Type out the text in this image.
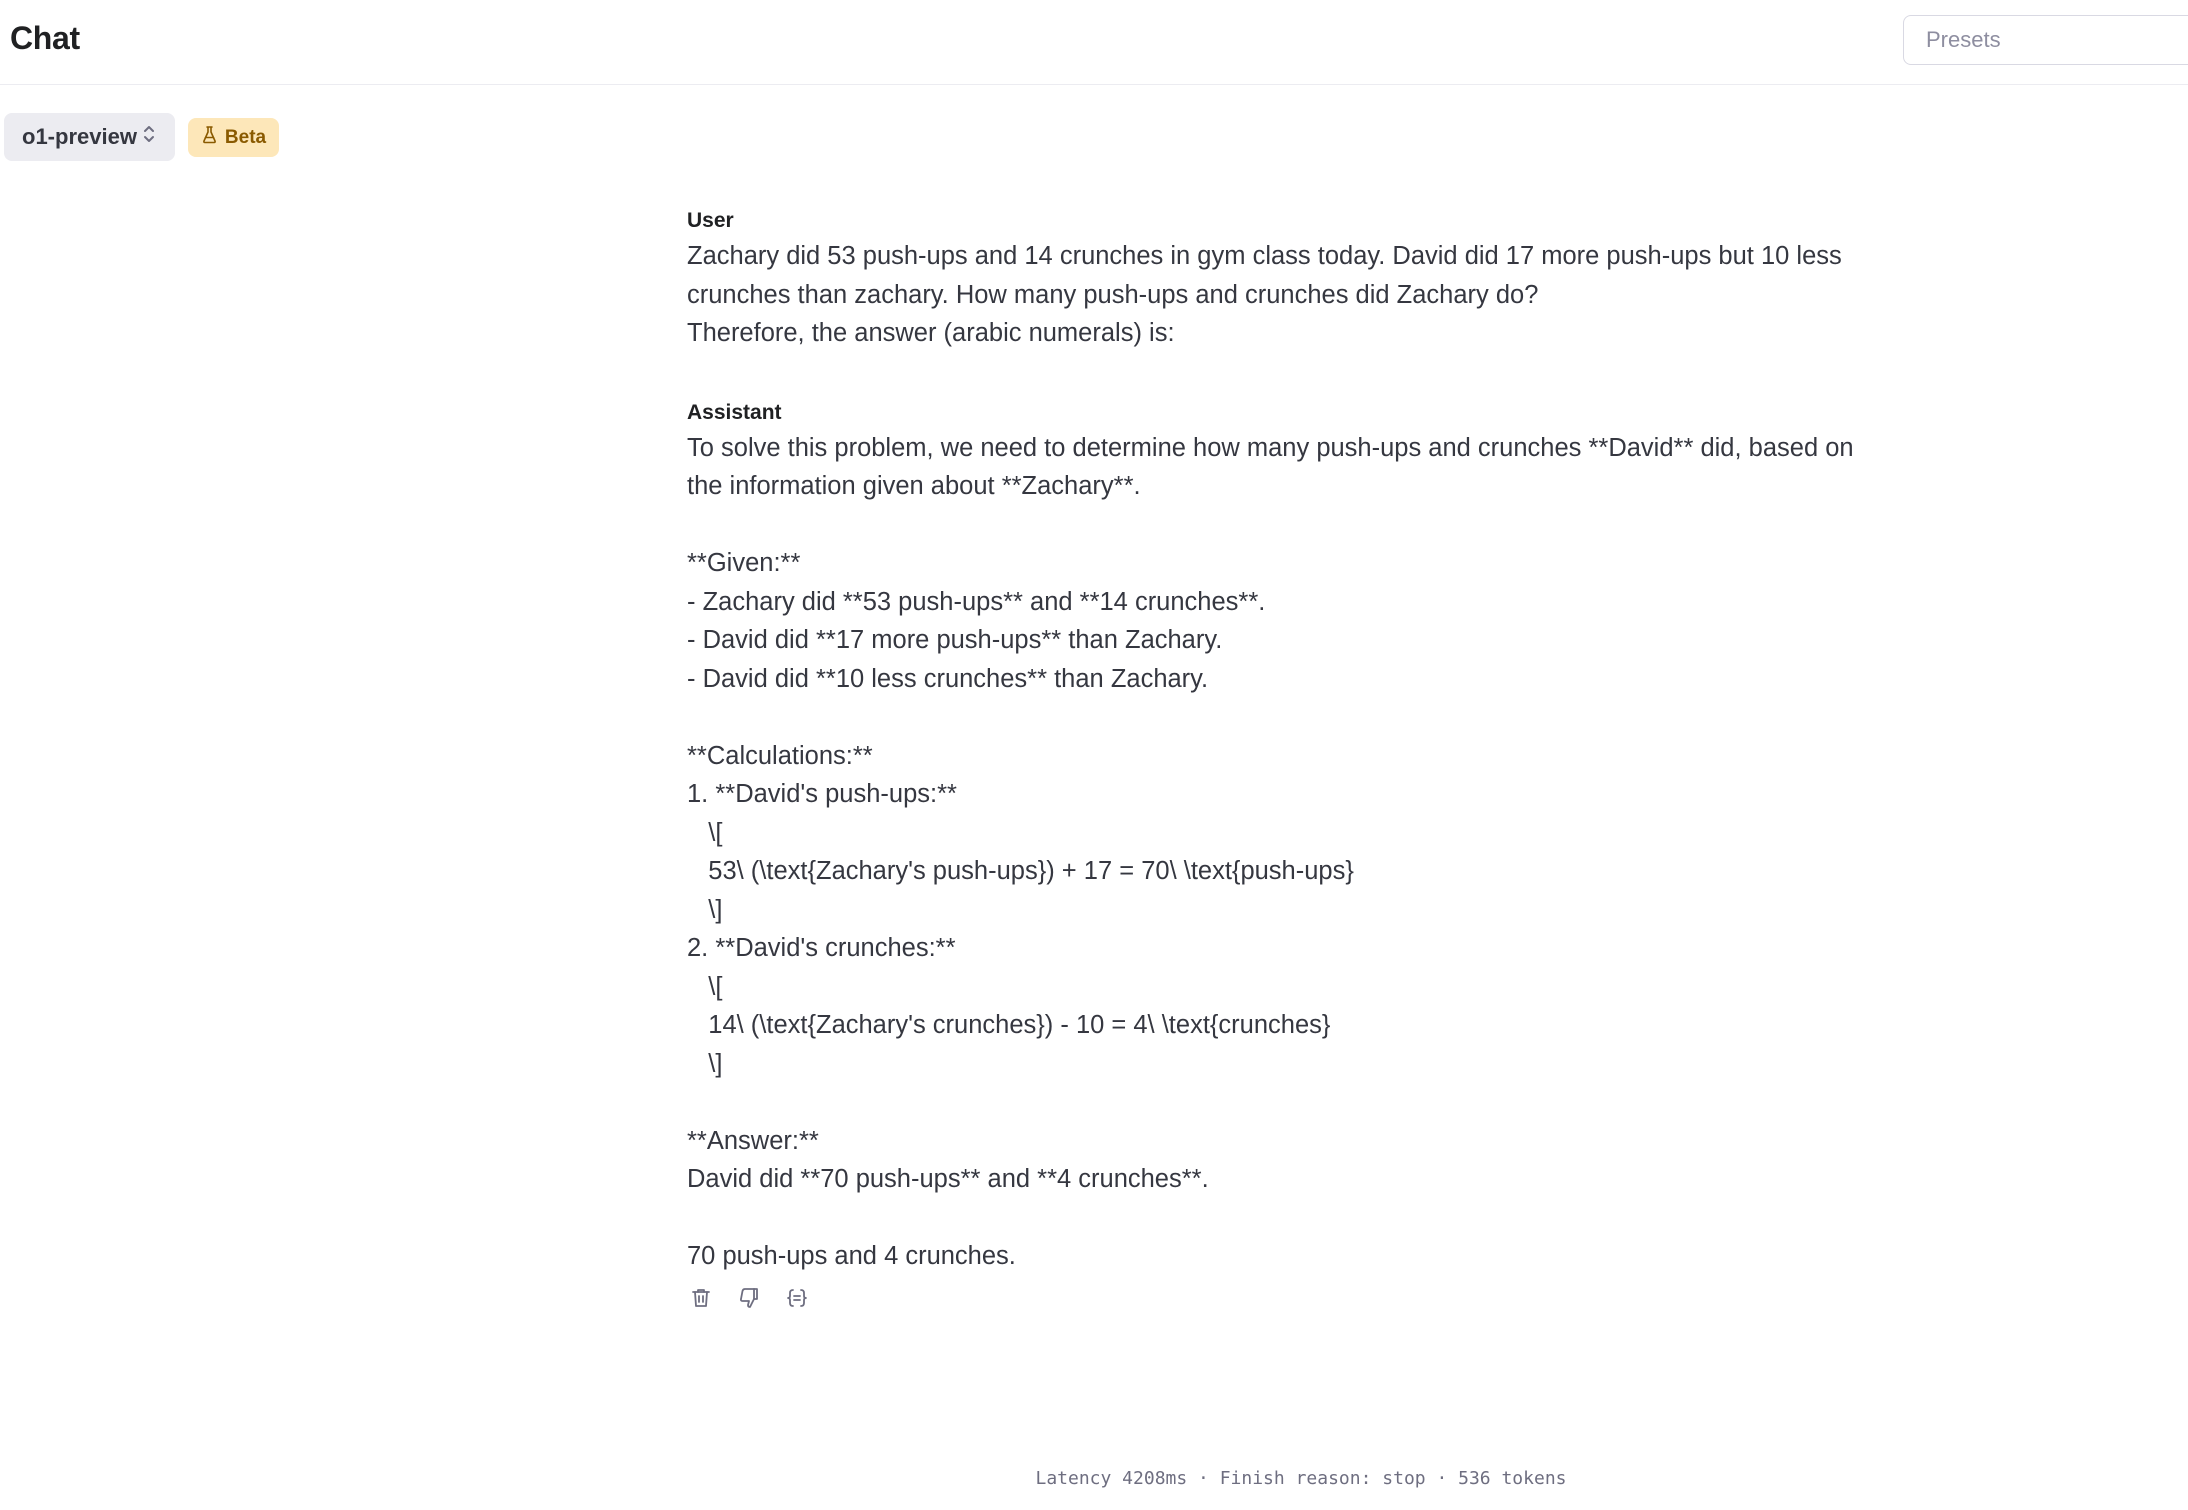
Chat
Presets
o1-preview	Beta
User

Zachary did 53 push-ups and 14 crunches in gym class today. David did 17 more push-ups but 10 less crunches than zachary. How many push-ups and crunches did Zachary do?
Therefore, the answer (arabic numerals) is:

Assistant

To solve this problem, we need to determine how many push-ups and crunches **David** did, based on the information given about **Zachary**.

**Given:**
- Zachary did **53 push-ups** and **14 crunches**.
- David did **17 more push-ups** than Zachary.
- David did **10 less crunches** than Zachary.

**Calculations:**
1. **David's push-ups:**
\[
53\ (\text{Zachary's push-ups}) + 17 = 70\ \text{push-ups}
\]
2. **David's crunches:**
\[
14\ (\text{Zachary's crunches}) - 10 = 4\ \text{crunches}
\]

**Answer:**
David did **70 push-ups** and **4 crunches**.

70 push-ups and 4 crunches.

Latency 4208ms · Finish reason: stop · 536 tokens
